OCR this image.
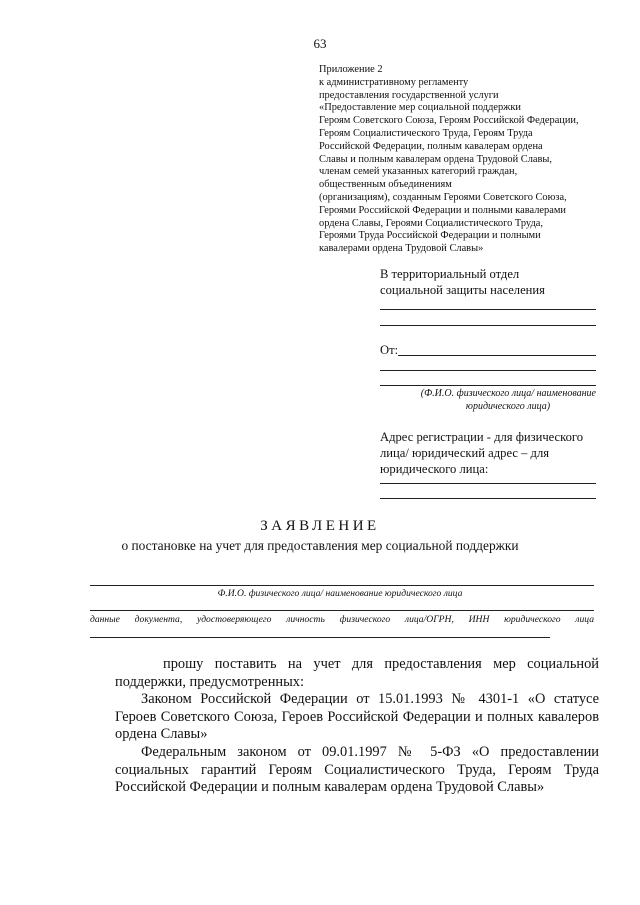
63
Приложение 2
к административному регламенту
предоставления государственной услуги
«Предоставление мер социальной поддержки
Героям Советского Союза, Героям Российской Федерации,
Героям Социалистического Труда, Героям Труда
Российской Федерации, полным кавалерам ордена
Славы и полным кавалерам ордена Трудовой Славы,
членам семей указанных категорий граждан,
общественным объединениям
(организациям), созданным Героями Советского Союза,
Героями Российской Федерации и полными кавалерами
ордена Славы, Героями Социалистического Труда,
Героями Труда Российской Федерации и полными
кавалерами ордена Трудовой Славы»
В территориальный отдел
социальной защиты населения
От:
(Ф.И.О. физического лица/ наименование
юридического лица)
Адрес регистрации - для физического
лица/ юридический адрес – для
юридического лица:
ЗАЯВЛЕНИЕ
о постановке на учет для предоставления мер социальной поддержки
Ф.И.О. физического лица/ наименование юридического лица
данные документа, удостоверяющего личность физического лица/ОГРН, ИНН юридического лица

прошу поставить на учет для предоставления мер социальной поддержки, предусмотренных:

Законом Российской Федерации от 15.01.1993 № 4301-1 «О статусе Героев Советского Союза, Героев Российской Федерации и полных кавалеров ордена Славы»

Федеральным законом от 09.01.1997 № 5-ФЗ «О предоставлении социальных гарантий Героям Социалистического Труда, Героям Труда Российской Федерации и полным кавалерам ордена Трудовой Славы»
